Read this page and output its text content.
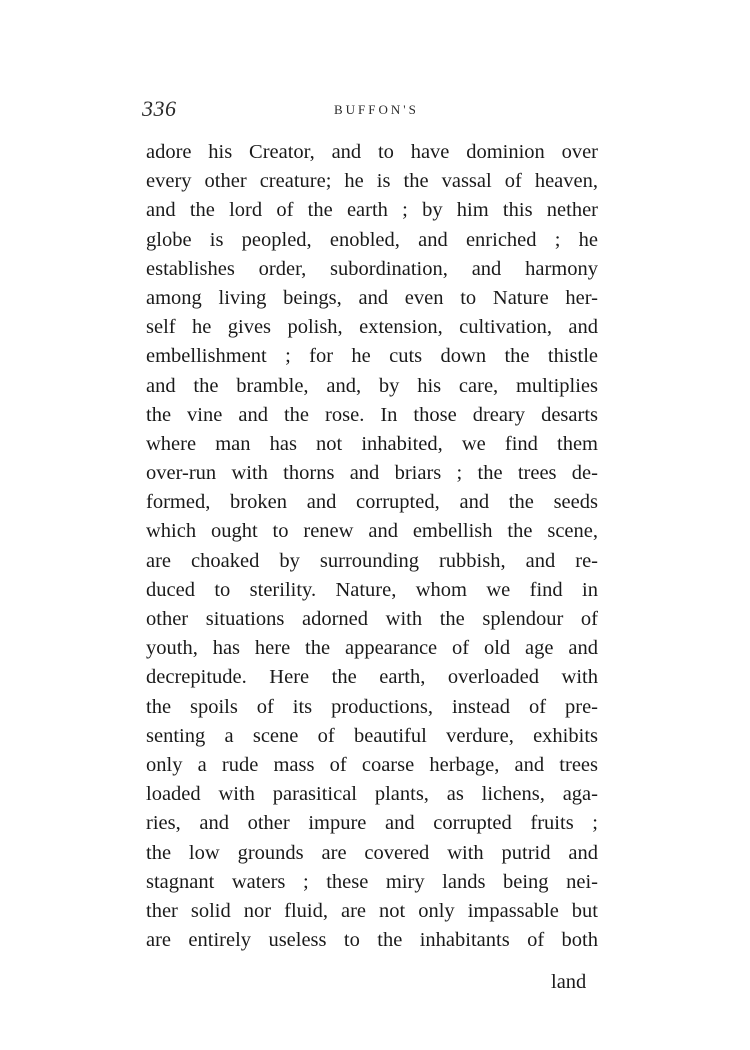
336	BUFFON'S
adore his Creator, and to have dominion over
every other creature; he is the vassal of heaven,
and the lord of the earth ; by him this nether
globe is peopled, enobled, and enriched ; he
establishes order, subordination, and harmony
among living beings, and even to Nature her-
self he gives polish, extension, cultivation, and
embellishment ; for he cuts down the thistle
and the bramble, and, by his care, multiplies
the vine and the rose. In those dreary desarts
where man has not inhabited, we find them
over-run with thorns and briars ; the trees de-
formed, broken and corrupted, and the seeds
which ought to renew and embellish the scene,
are choaked by surrounding rubbish, and re-
duced to sterility. Nature, whom we find in
other situations adorned with the splendour of
youth, has here the appearance of old age and
decrepitude. Here the earth, overloaded with
the spoils of its productions, instead of pre-
senting a scene of beautiful verdure, exhibits
only a rude mass of coarse herbage, and trees
loaded with parasitical plants, as lichens, aga-
ries, and other impure and corrupted fruits ;
the low grounds are covered with putrid and
stagnant waters ; these miry lands being nei-
ther solid nor fluid, are not only impassable but
are entirely useless to the inhabitants of both
land
